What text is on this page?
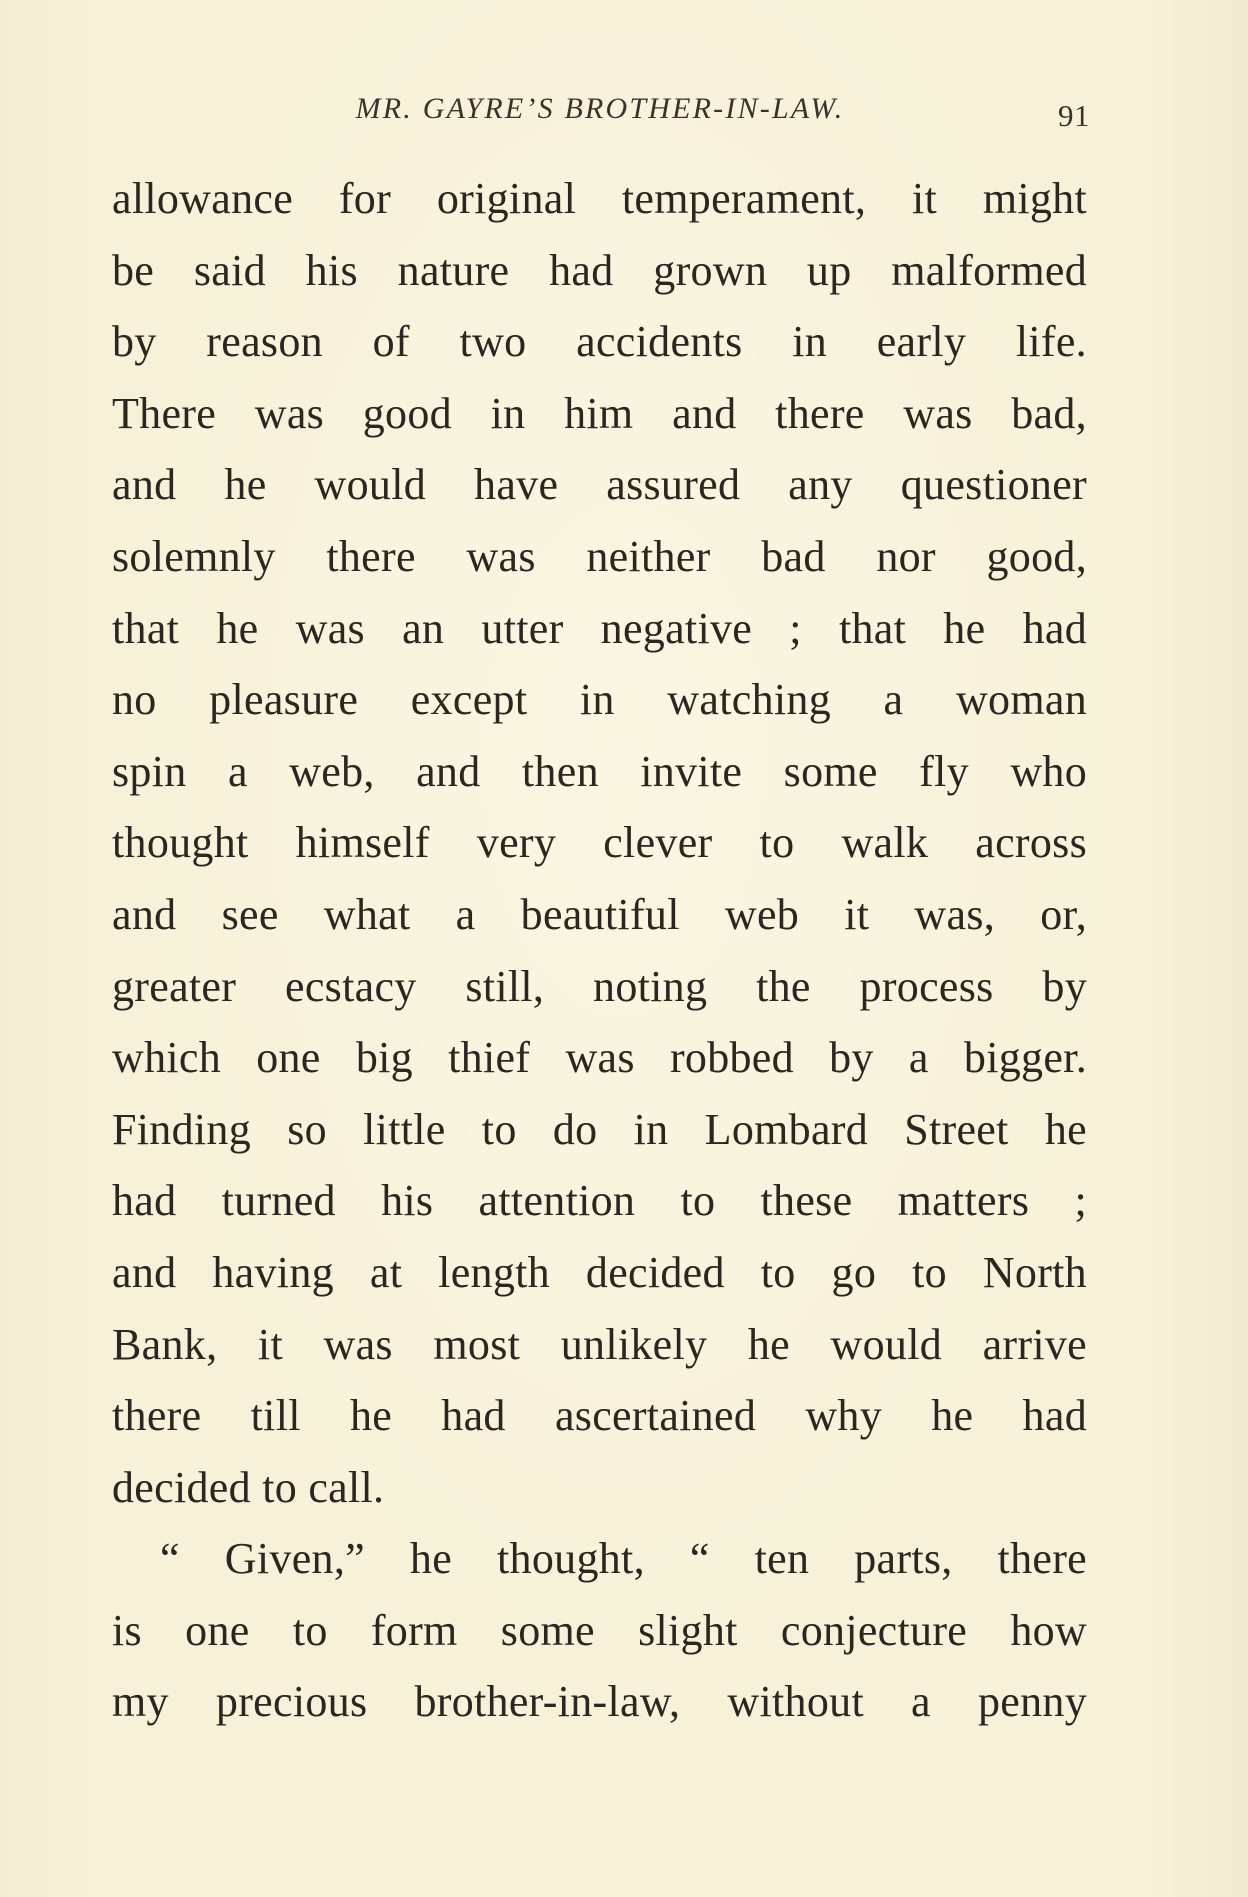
MR. GAYRE’S BROTHER-IN-LAW.	91
allowance for original temperament, it might
be said his nature had grown up malformed
by reason of two accidents in early life.
There was good in him and there was bad,
and he would have assured any questioner
solemnly there was neither bad nor good,
that he was an utter negative ; that he had
no pleasure except in watching a woman
spin a web, and then invite some fly who
thought himself very clever to walk across
and see what a beautiful web it was, or,
greater ecstacy still, noting the process by
which one big thief was robbed by a bigger.
Finding so little to do in Lombard Street he
had turned his attention to these matters ;
and having at length decided to go to North
Bank, it was most unlikely he would arrive
there till he had ascertained why he had
decided to call.
“ Given,” he thought, “ ten parts, there
is one to form some slight conjecture how
my precious brother-in-law, without a penny
